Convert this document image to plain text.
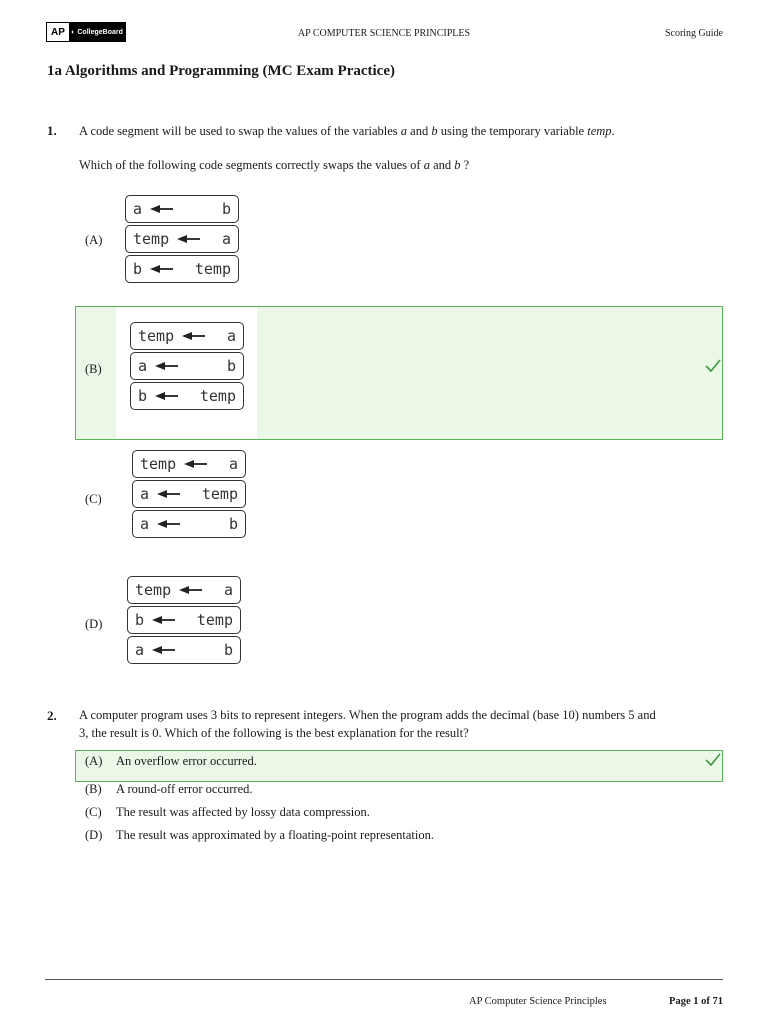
AP ◐ CollegeBoard	AP COMPUTER SCIENCE PRINCIPLES	Scoring Guide
1a Algorithms and Programming (MC Exam Practice)
1. A code segment will be used to swap the values of the variables a and b using the temporary variable temp.
Which of the following code segments correctly swaps the values of a and b ?
(A)
a	b
temp	a
b	temp
(B)
temp	a
a	b
b	temp
(C)
temp	a
a	temp
a	b
(D)
temp	a
b	temp
a	b
2. A computer program uses 3 bits to represent integers. When the program adds the decimal (base 10) numbers 5 and
3, the result is 0. Which of the following is the best explanation for the result?
(A)	An overflow error occurred.
(B)	A round-off error occurred.
(C)	The result was affected by lossy data compression.
(D)	The result was approximated by a floating-point representation.
AP Computer Science Principles	Page 1 of 71
